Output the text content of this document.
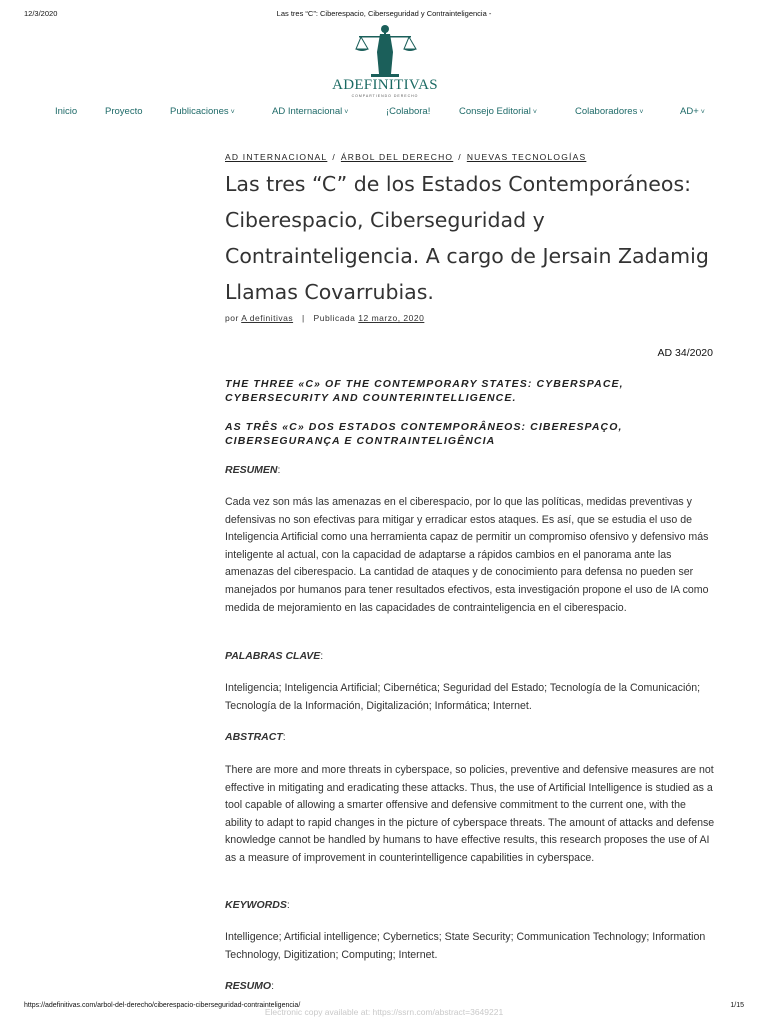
12/3/2020	Las tres “C”: Ciberespacio, Ciberseguridad y Contrainteligencia -
ADEFINITIVAS
COMPARTIENDO DERECHO
Inicio	Proyecto	Publicaciones ˅	AD Internacional ˅	¡Colabora!	Consejo Editorial ˅	Colaboradores ˅	AD+ ˅
AD INTERNACIONAL / ÁRBOL DEL DERECHO / NUEVAS TECNOLOGÍAS
Las tres “C” de los Estados Contemporáneos: Ciberespacio, Ciberseguridad y Contrainteligencia. A cargo de Jersain Zadamig Llamas Covarrubias.
por A definitivas | Publicada 12 marzo, 2020
AD 34/2020
THE THREE «C» OF THE CONTEMPORARY STATES: CYBERSPACE, CYBERSECURITY AND COUNTERINTELLIGENCE.
AS TRÊS «C» DOS ESTADOS CONTEMPORÂNEOS: CIBERESPAÇO, CIBERSEGURANÇA E CONTRAINTELIGÊNCIA
RESUMEN:
Cada vez son más las amenazas en el ciberespacio, por lo que las políticas, medidas preventivas y defensivas no son efectivas para mitigar y erradicar estos ataques. Es así, que se estudia el uso de Inteligencia Artificial como una herramienta capaz de permitir un compromiso ofensivo y defensivo más inteligente al actual, con la capacidad de adaptarse a rápidos cambios en el panorama ante las amenazas del ciberespacio. La cantidad de ataques y de conocimiento para defensa no pueden ser manejados por humanos para tener resultados efectivos, esta investigación propone el uso de IA como medida de mejoramiento en las capacidades de contrainteligencia en el ciberespacio.
PALABRAS CLAVE:
Inteligencia; Inteligencia Artificial; Cibernética; Seguridad del Estado; Tecnología de la Comunicación; Tecnología de la Información, Digitalización; Informática; Internet.
ABSTRACT:
There are more and more threats in cyberspace, so policies, preventive and defensive measures are not effective in mitigating and eradicating these attacks. Thus, the use of Artificial Intelligence is studied as a tool capable of allowing a smarter offensive and defensive commitment to the current one, with the ability to adapt to rapid changes in the picture of cyberspace threats. The amount of attacks and defense knowledge cannot be handled by humans to have effective results, this research proposes the use of AI as a measure of improvement in counterintelligence capabilities in cyberspace.
KEYWORDS:
Intelligence; Artificial intelligence; Cybernetics; State Security; Communication Technology; Information Technology, Digitization; Computing; Internet.
RESUMO:
https://adefinitivas.com/arbol-del-derecho/ciberespacio-ciberseguridad-contrainteligencia/	1/15
Electronic copy available at: https://ssrn.com/abstract=3649221
